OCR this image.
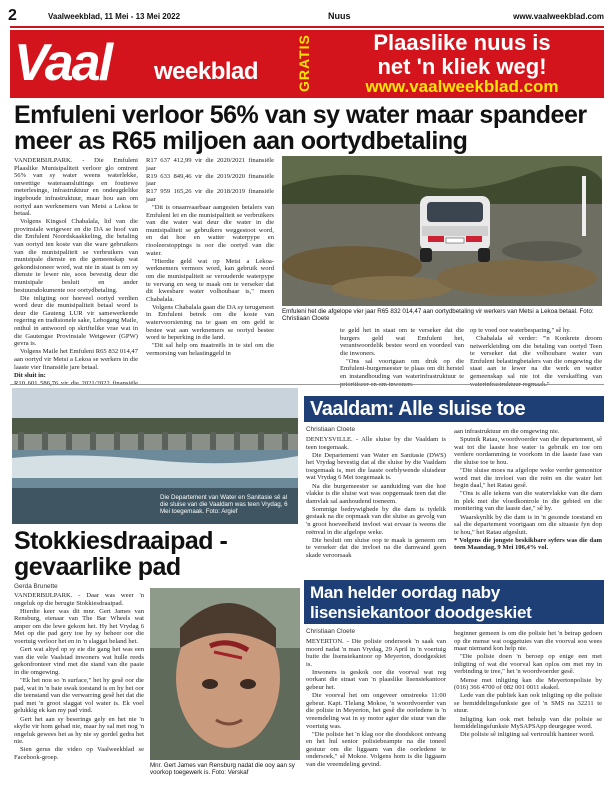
2	Vaalweekblad, 11 Mei - 13 Mei 2022	Nuus	www.vaalweekblad.com
Vaal weekblad	GRATIS	Plaaslike nuus is
net 'n kliek weg!
www.vaalweekblad.com
Emfuleni verloor 56% van sy water maar spandeer meer as R65 miljoen aan oortydbetaling

VANDERBIJLPARK. - Die Emfuleni Plaaslike Munisipaliteit verloor glo omtrent 56% van sy water weens waterlekke, onwettige wateraansluitings en foutiewe meterlesings, infrastruktuur en ondeugdelike ingeboude infrastruktuur, maar hou aan om oortyd aan werknemers van Metsi a Lekoa te betaal.

Volgens Kingsol Chabalala, lid van die provinsiale wetgewer en die DA se hoof van die Emfuleni Noordskaakkeling, die betaling van oortyd ten koste van die ware gebruikers van die munisipaliteit se verbruikers van munisipale dienste en die gemeenskap wat gekondisioneer word, wat nie in staat is om sy dienste te lewer nie, soos bevestig deur die munisipale besluit en ander bestuursdokumente oor oortydbetaling.

Die inligting oor hoeveel oortyd verdien word deur die munisipaliteit betaal word is deur die Gauteng LUR vir samewerkende regering en tradisionele sake, Lebogang Maile, onthul in antwoord op skriftelike vrae wat in die Gautengse Provinsiale Wetgewer (GPW) gevra is.

Volgens Maile het Emfuleni R65 832 014,47 aan oortyd vir Metsi a Lekoa se werkers in die laaste vier finansiële jare betaal.

Dit sluit in:

R17 637 412,99 vir die 2020/2021 finansiële jaar

R19 633 849,46 vir die 2019/2020 finansiële jaar

R17 959 165,26 vir die 2018/2019 finansiële jaar

"Dit is onaanvaarbaar aangesien betalers van Emfuleni lei en die munisipaliteit se verbruikers van die water wat deur die water in die munisipaliteit se gebruikers weggestoot word, en dat hoe en watter waterpype en riooleerstoppings is oor die oortyd van die water.

"Hierdie geld wat op Metsi a Lekoa-werknemers vermors word, kan gebruik word om die munisipaliteit se verouderde waterpype te vervang en weg te maak om te verseker dat dit kwesbare water volhoubaar is," meen Chabalala.

Volgens Chabalala gaan die DA sy terugsmeet in Emfuleni betrek om die koste van watervoorsiening na te gaan en om geld te bestee wat aan werknemers se oortyd bestee word te beperking in die land.

"Dit sal help om maatreëls in te stel om die vermorsing van belastinggeld in

Emfuleni het die afgelope vier jaar R65 832 014,47 aan oortydbetaling vir werkers van Metsi a Lekoa betaal. Foto: Christiaan Cloete

te geld het in staat om te verseker dat die burgers geld wat Emfuleni het, verantwoordelik bestee word en voordeel van die inwoners.

"Ons sal voortgaan om druk op die Emfuleni-burgemeester te plaas om dit herstel en instandhouding van waterinfrastruktuur te

op te voed oor waterbesparing," sê hy.

Chabalala sê verder: "'n Konkrete droom netwerkleiding om die betaling van oortyd Teen te verseker dat die volhoubare water van Emfuleni belastingbetalers van die omgewing die staat aan te lewer na die werk en watter gemeenskap sal nie tot die verskaffing van

Die Departement van Water en Sanitasie sê al die sluise van die Vaaldam was teen Vrydag, 6 Mei toegemaak. Foto: Argief
Vaaldam: Alle sluise toe
Christiaan Cloete

DENEYSVILLE. - Alle sluise by die Vaaldam is teen toegemaak.

Die Departement van Water en Sanitasie (DWS) het Vrydag bevestig dat al die sluise by die Vaaldam toegemaak is, met die laaste oorblywende sluisdeur wat Vrydag 6 Mei toegemaak is.

Na die burgemeester se aanduiding van die hoë vlakke is die sluise wat was oopgemaak teen dat die damvlak sal aanhoudend toeneem.

Sommige bedrywighede by die dam is tydelik gestaak na die oopmaak van die sluise as gevolg van 'n groot hoeveelheid invloei wat ervaar is weens die reënval in die afgelope weke.

Die besluit om sluise oop te maak is geneem om te verseker dat die invloei na die damwand geen skade veroorsaak

aan infrastruktuur en die omgewing nie.

Sputnik Ratau, woordvoerder van die departement, sê wat tot die laaste hoe water is gebruik en toe om verdere oordamming te voorkom in die laaste fase van die sluise toe te hou.

"Die sluise moes na afgelope weke verder gemonitor word met die invloei van die reën en die water het begin daal," het Ratau gesê.

"Ons is alle tekens van die watervlakke van die dam in plek met die vloedkontrole in die gebied en die monitering van die laaste dae," sê hy.

Waarskynlik by die dam is in 'n gesonde toestand en sal die departement voortgaan om die situasie fyn dop te hou," het Ratau afgesluit.

* Volgens die jongste beskikbare syfers was die dam teen Maandag, 9 Mei 106,4% vol.

Stokkiesdraaipad - gevaarlike pad
Gerda Brunette

VANDERBIJLPARK. - Daar was weer 'n ongeluk op die berugte Stokkiesdraaipad.

Hierdie keer was dit mnr. Gert James van Rensburg, eienaar van The Bar Wheels wat amper om die lewe gekom het. Hy het Vrydag 6 Mei op die pad gery toe hy sy beheer oor die voertuig verloor het en in 'n slaggat beland het.

Gert wat altyd op sy eie die gang het was een van die vele Vaalstad inwoners wat hulle reeds gekonfronteer vind met die stand van die paaie in die omgewing.

"Ek het nou so 'n surface," het hy gesê oor die pad, wat in 'n baie swak toestand is en hy het oor die teenstand van die verwarring gesê het dat die pad met 'n groot slaggat vol water is. Ek voel gelukkig ek kan my pad vind.

Gert het aan sy beserings gely en het nie 'n skyfie vir hom gehad nie, maar hy sal met nog 'n ongeluk gewees het as hy nie sy gordel gedra het nie.

Sien gerus die video op Vaalweekblad se Facebook-groep.

Mnr. Gert James van Rensburg nadat die ooy aan sy voorkop toegewerk is. Foto: Verskaf
Man helder oordag naby lisensiekantoor doodgeskiet
Christiaan Cloete

MEYERTON. - Die polisie ondersoek 'n saak van moord nadat 'n man Vrydag, 29 April in 'n voertuig buite die lisensiekantoor op Meyerton, doodgeskiet is.

Inwoners is geskok oor die voorval wat reg oorkant die straat van 'n plaaslike lisensiekantoor gebeur het.

Die voorval het om ongeveer omstreeks 11:00 gebeur. Kapt. Tlelang Mokoe, 'n woordvoerder van die polisie in Meyerton, het gesê die oorledene is 'n vreemdeling wat in sy motor agter die stuur van die voertuig was.

"Die polisie het 'n klag oor die doodskoot ontvang en het hul senior polisiebeampte na die toneel gestuur om die liggaam van die oorledene te ondersoek," sê Mokoe. Volgens hom is die liggaam van die vreemdeling gevind.

beginner gemeen is om die polisie het 'n betrap gedoen op die mense wat ooggetuies van die voorval sou wees maar niemand kon help nie.

"Die polisie doen 'n beroep op enige een met inligting of wat die voorval kan oplos om met my in verbinding te tree," het 'n woordvoerder gesê.

Mense met inligting kan die Meyertonpolisie by (016) 366 4700 of 082 001 0011 skakel.

Lede van die publiek kan ook inligting op die polisie se bemiddelingsfunksie gee of 'n SMS na 32211 te stuur.

Inligting kan ook met behulp van die polisie se bemiddelingsfunksie MySAPSApp deurgegee word.

Die polisie sê inligting sal vertroulik hanteer word.
